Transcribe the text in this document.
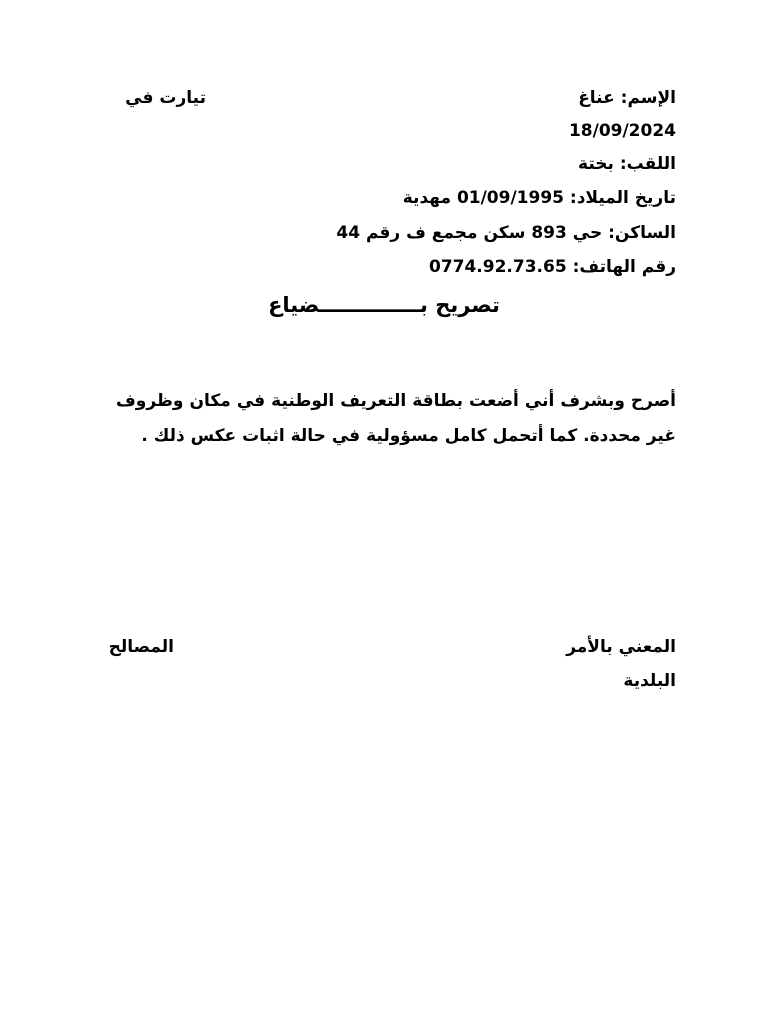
الإسم: عناغ
تيارت في
18/09/2024
اللقب: بختة
تاريخ الميلاد: 01/09/1995 مهدية
الساكن: حي 893 سكن مجمع ف رقم 44
رقم الهاتف: 0774.92.73.65
تصريح بــــــــــــــضياع
أصرح وبشرف أني أضعت بطاقة التعريف الوطنية في مكان وظروف غير محددة. كما أتحمل كامل مسؤولية في حالة اثبات عكس ذلك .
المعني بالأمر
المصالح
البلدية
